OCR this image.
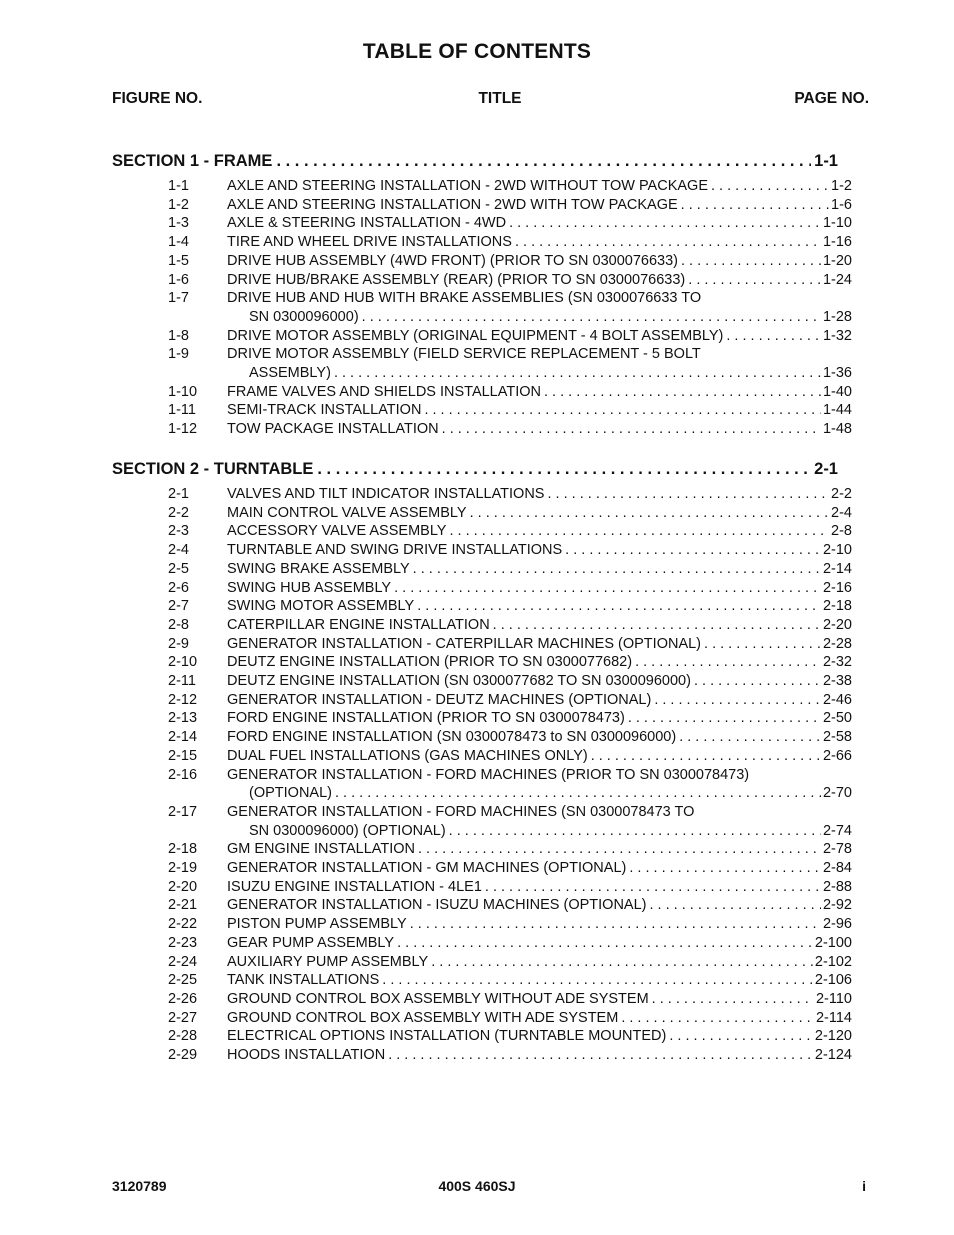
TABLE OF CONTENTS
FIGURE NO.	TITLE	PAGE NO.
SECTION 1 - FRAME . . .	1-1
1-1	AXLE AND STEERING INSTALLATION - 2WD WITHOUT TOW PACKAGE . . .	1-2
1-2	AXLE AND STEERING INSTALLATION - 2WD WITH TOW PACKAGE . . .	1-6
1-3	AXLE & STEERING INSTALLATION - 4WD . . .	1-10
1-4	TIRE AND WHEEL DRIVE INSTALLATIONS . . .	1-16
1-5	DRIVE HUB ASSEMBLY (4WD FRONT) (PRIOR TO SN 0300076633) . . .	1-20
1-6	DRIVE HUB/BRAKE ASSEMBLY (REAR) (PRIOR TO SN 0300076633) . . .	1-24
1-7	DRIVE HUB AND HUB WITH BRAKE ASSEMBLIES (SN 0300076633 TO
SN 0300096000) . . .	1-28
1-8	DRIVE MOTOR ASSEMBLY (ORIGINAL EQUIPMENT - 4 BOLT ASSEMBLY) . . .	1-32
1-9	DRIVE MOTOR ASSEMBLY (FIELD SERVICE REPLACEMENT - 5 BOLT
ASSEMBLY) . . .	1-36
1-10 FRAME VALVES AND SHIELDS INSTALLATION . . .	1-40
1-11 SEMI-TRACK INSTALLATION . . .	1-44
1-12 TOW PACKAGE INSTALLATION . . .	1-48
SECTION 2 - TURNTABLE . . .	2-1
2-1	VALVES AND TILT INDICATOR INSTALLATIONS . . .	2-2
2-2	MAIN CONTROL VALVE ASSEMBLY . . .	2-4
2-3	ACCESSORY VALVE ASSEMBLY . . .	2-8
2-4	TURNTABLE AND SWING DRIVE INSTALLATIONS . . .	2-10
2-5	SWING BRAKE ASSEMBLY . . .	2-14
2-6	SWING HUB ASSEMBLY . . .	2-16
2-7	SWING MOTOR ASSEMBLY . . .	2-18
2-8	CATERPILLAR ENGINE INSTALLATION . . .	2-20
2-9	GENERATOR INSTALLATION - CATERPILLAR MACHINES (OPTIONAL) . . .	2-28
2-10 DEUTZ ENGINE INSTALLATION (PRIOR TO SN 0300077682) . . .	2-32
2-11 DEUTZ ENGINE INSTALLATION (SN 0300077682 TO SN 0300096000) . . .	2-38
2-12 GENERATOR INSTALLATION - DEUTZ MACHINES (OPTIONAL) . . .	2-46
2-13 FORD ENGINE INSTALLATION (PRIOR TO SN 0300078473) . . .	2-50
2-14 FORD ENGINE INSTALLATION (SN 0300078473 to SN 0300096000) . . .	2-58
2-15 DUAL FUEL INSTALLATIONS (GAS MACHINES ONLY) . . .	2-66
2-16 GENERATOR INSTALLATION - FORD MACHINES (PRIOR TO SN 0300078473)
(OPTIONAL) . . .	2-70
2-17 GENERATOR INSTALLATION - FORD MACHINES (SN 0300078473 TO
SN 0300096000) (OPTIONAL) . . .	2-74
2-18 GM ENGINE INSTALLATION . . .	2-78
2-19 GENERATOR INSTALLATION - GM MACHINES (OPTIONAL) . . .	2-84
2-20 ISUZU ENGINE INSTALLATION - 4LE1 . . .	2-88
2-21 GENERATOR INSTALLATION - ISUZU MACHINES (OPTIONAL) . . .	2-92
2-22 PISTON PUMP ASSEMBLY . . .	2-96
2-23 GEAR PUMP ASSEMBLY . . .	2-100
2-24 AUXILIARY PUMP ASSEMBLY . . .	2-102
2-25 TANK INSTALLATIONS . . .	2-106
2-26 GROUND CONTROL BOX ASSEMBLY WITHOUT ADE SYSTEM . . .	2-110
2-27 GROUND CONTROL BOX ASSEMBLY WITH ADE SYSTEM . . .	2-114
2-28 ELECTRICAL OPTIONS INSTALLATION (TURNTABLE MOUNTED) . . .	2-120
2-29 HOODS INSTALLATION . . .	2-124
3120789	400S 460SJ	i
